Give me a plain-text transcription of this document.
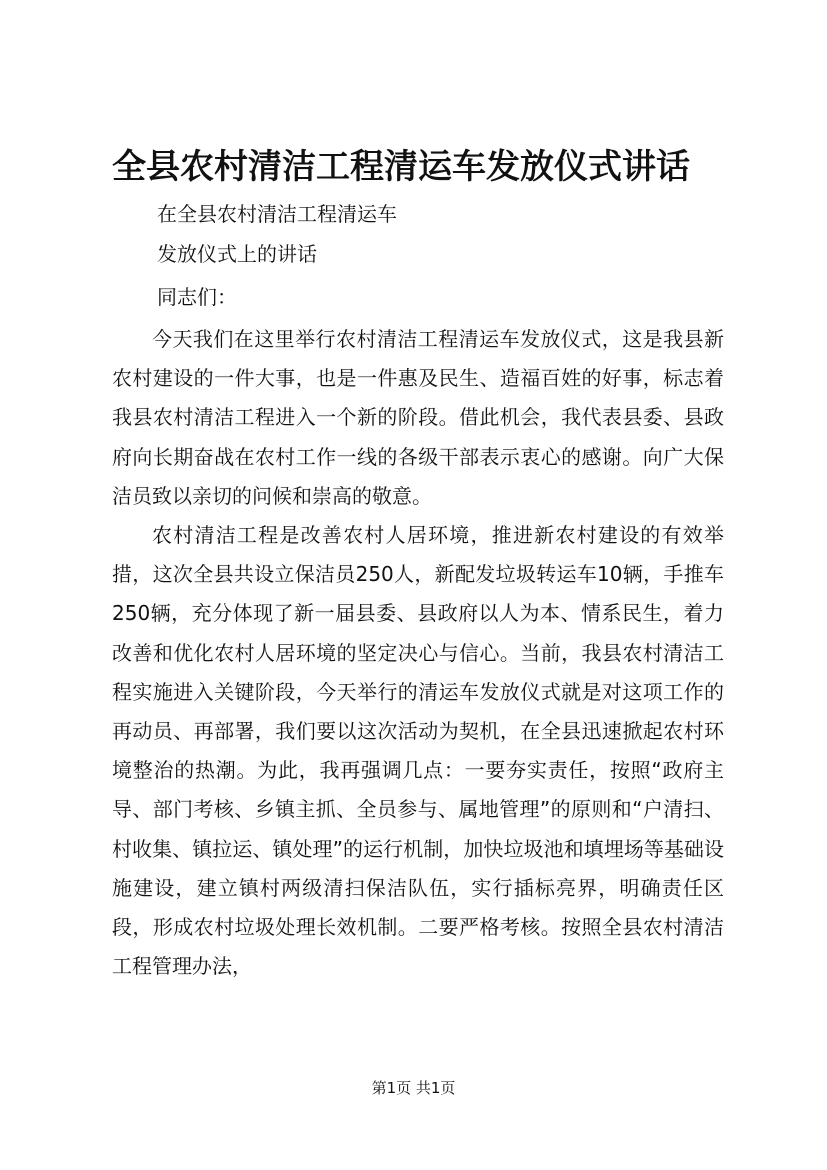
全县农村清洁工程清运车发放仪式讲话

在全县农村清洁工程清运车

发放仪式上的讲话

同志们：

今天我们在这里举行农村清洁工程清运车发放仪式，这是我县新农村建设的一件大事，也是一件惠及民生、造福百姓的好事，标志着我县农村清洁工程进入一个新的阶段。借此机会，我代表县委、县政府向长期奋战在农村工作一线的各级干部表示衷心的感谢。向广大保洁员致以亲切的问候和崇高的敬意。

农村清洁工程是改善农村人居环境，推进新农村建设的有效举措，这次全县共设立保洁员250人，新配发垃圾转运车10辆，手推车250辆，充分体现了新一届县委、县政府以人为本、情系民生，着力改善和优化农村人居环境的坚定决心与信心。当前，我县农村清洁工程实施进入关键阶段，今天举行的清运车发放仪式就是对这项工作的再动员、再部署，我们要以这次活动为契机，在全县迅速掀起农村环境整治的热潮。为此，我再强调几点：一要夯实责任，按照“政府主导、部门考核、乡镇主抓、全员参与、属地管理”的原则和“户清扫、村收集、镇拉运、镇处理”的运行机制，加快垃圾池和填埋场等基础设施建设，建立镇村两级清扫保洁队伍，实行插标亮界，明确责任区段，形成农村垃圾处理长效机制。二要严格考核。按照全县农村清洁工程管理办法，

第1页 共1页
